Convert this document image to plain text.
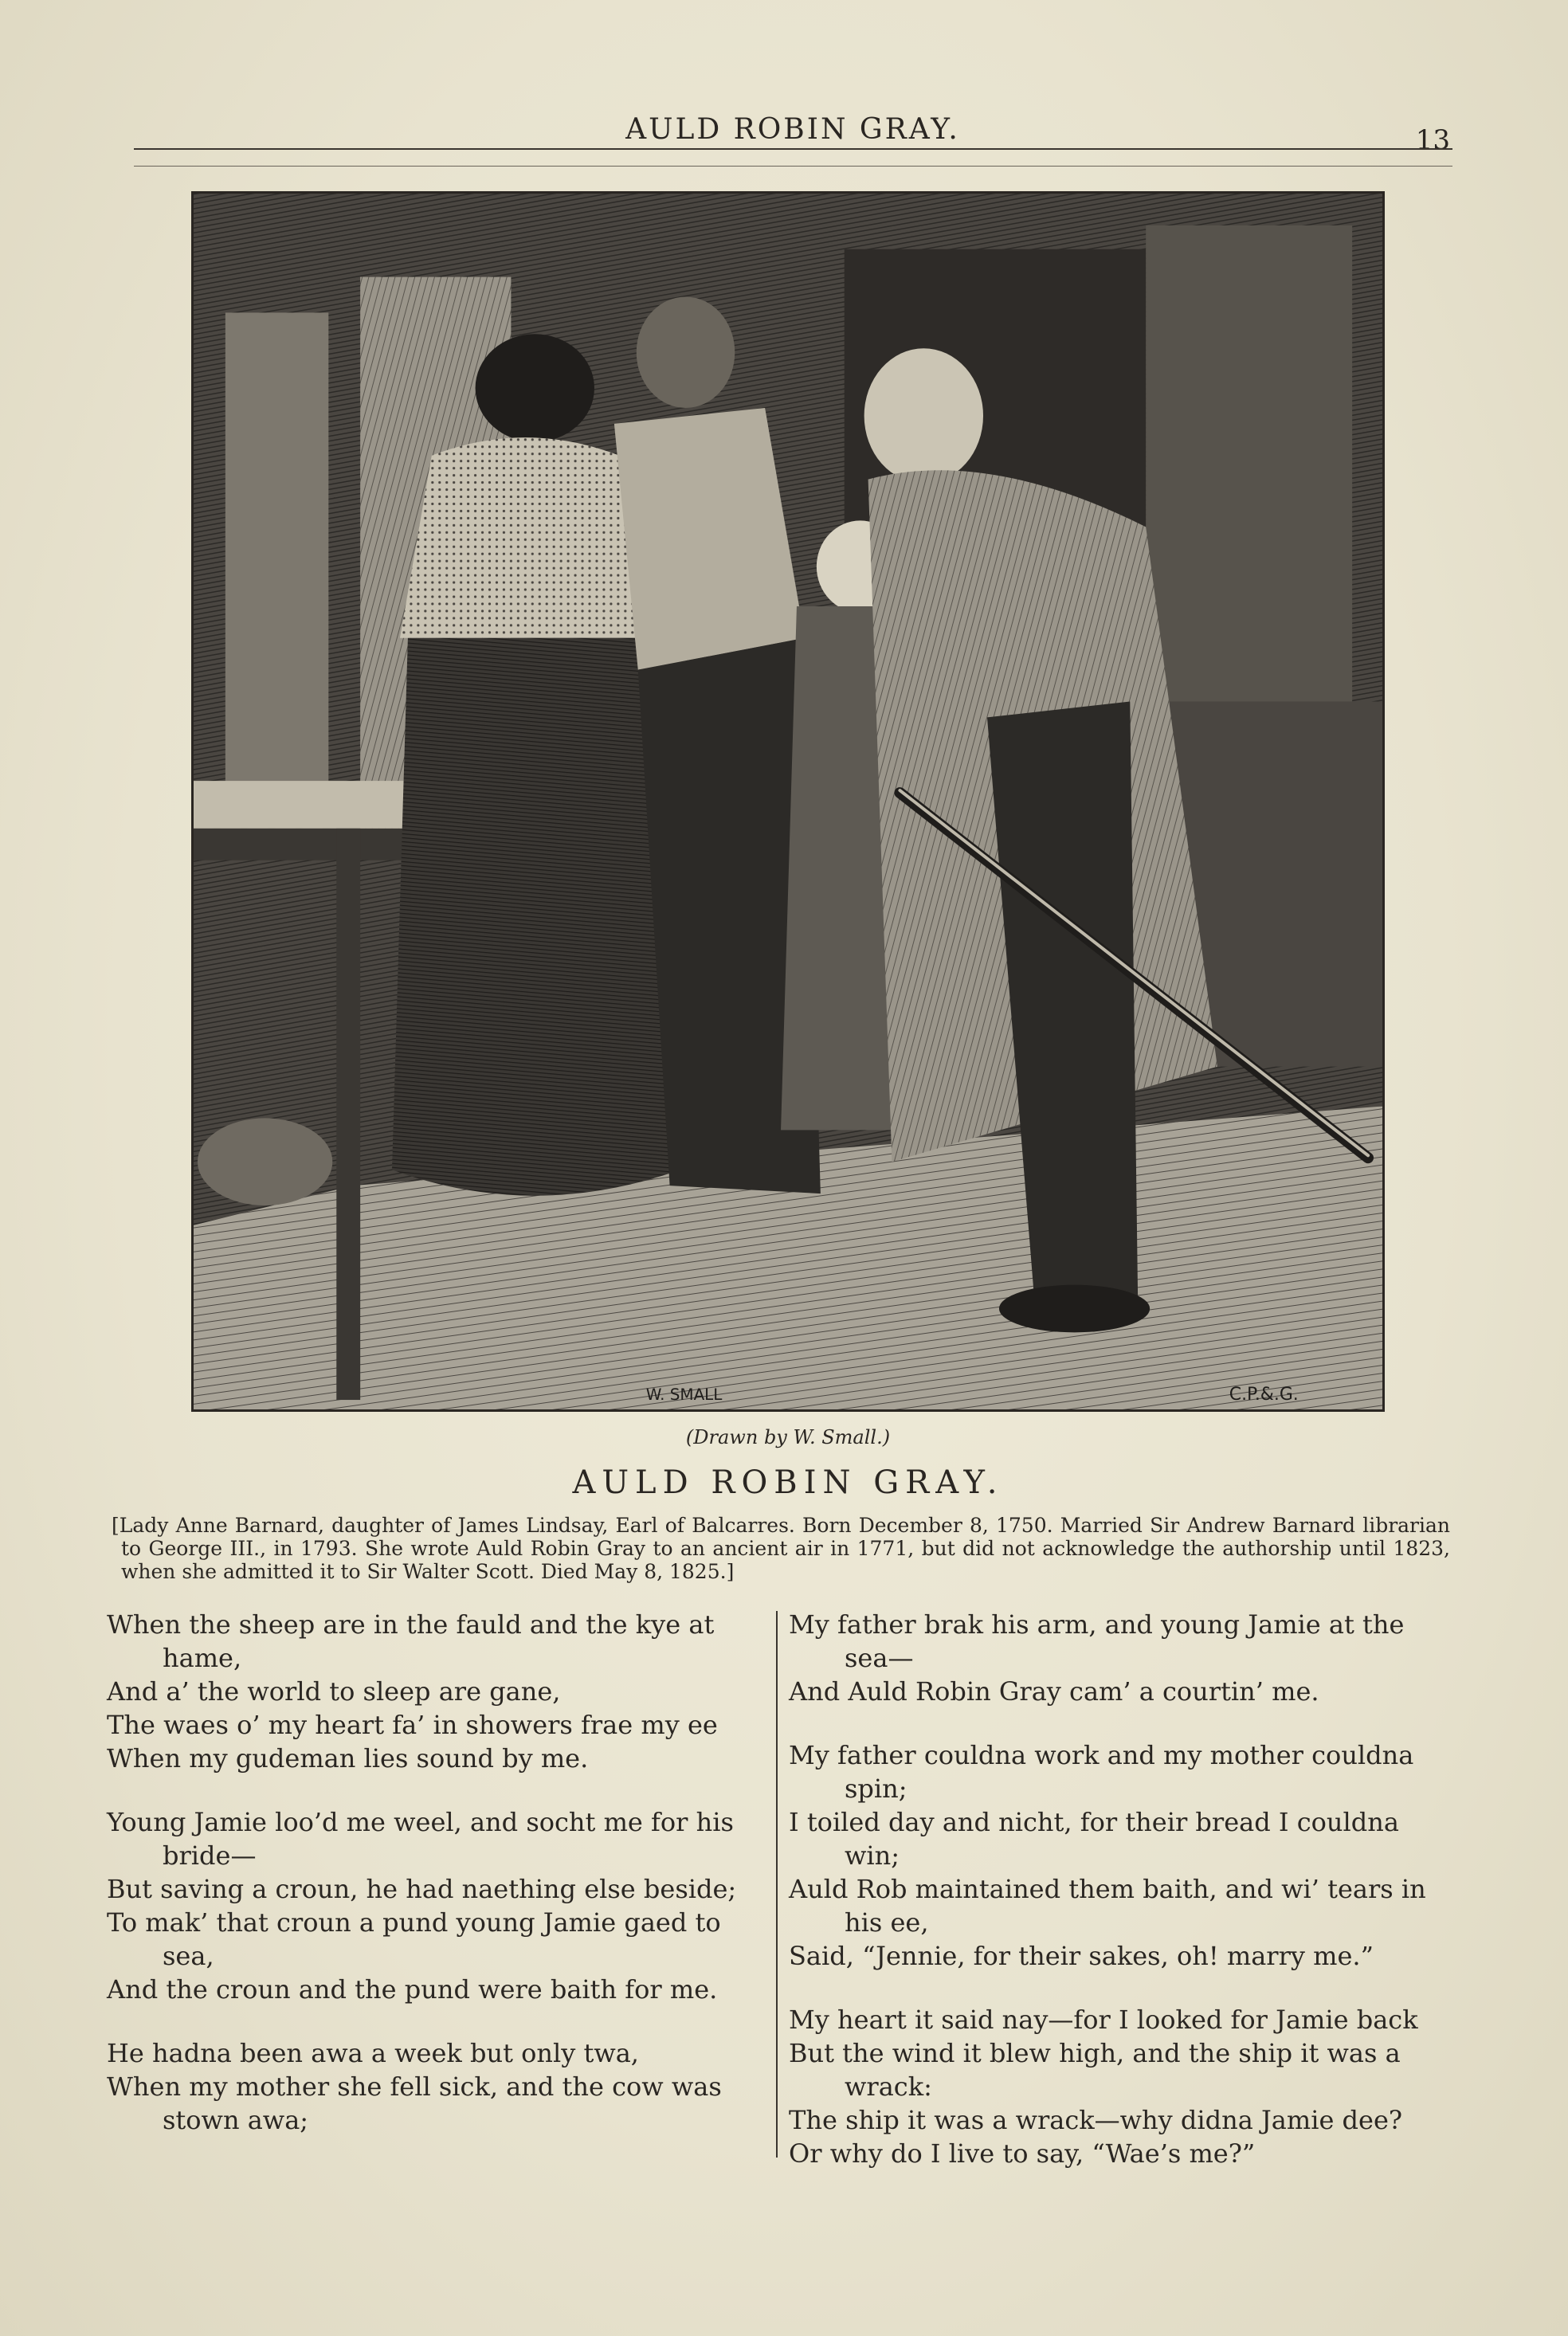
AULD ROBIN GRAY.	13
W. SMALL	C.P.&.G.
(Drawn by W. Small.)
AULD ROBIN GRAY.
[Lady Anne Barnard, daughter of James Lindsay, Earl of Balcarres. Born December 8, 1750. Married Sir Andrew Barnard librarian to George III., in 1793. She wrote Auld Robin Gray to an ancient air in 1771, but did not acknowledge the authorship until 1823, when she admitted it to Sir Walter Scott. Died May 8, 1825.]

When the sheep are in the fauld and the kye at hame,

And a’ the world to sleep are gane,

The waes o’ my heart fa’ in showers frae my ee

When my gudeman lies sound by me.

Young Jamie loo’d me weel, and socht me for his bride—

But saving a croun, he had naething else beside;

To mak’ that croun a pund young Jamie gaed to sea,

And the croun and the pund were baith for me.

He hadna been awa a week but only twa,

When my mother she fell sick, and the cow was stown awa;

My father brak his arm, and young Jamie at the sea—

And Auld Robin Gray cam’ a courtin’ me.

My father couldna work and my mother couldna spin;

I toiled day and nicht, for their bread I couldna win;

Auld Rob maintained them baith, and wi’ tears in his ee,

Said, “Jennie, for their sakes, oh! marry me.”

My heart it said nay—for I looked for Jamie back

But the wind it blew high, and the ship it was a wrack:

The ship it was a wrack—why didna Jamie dee?

Or why do I live to say, “Wae’s me?”
